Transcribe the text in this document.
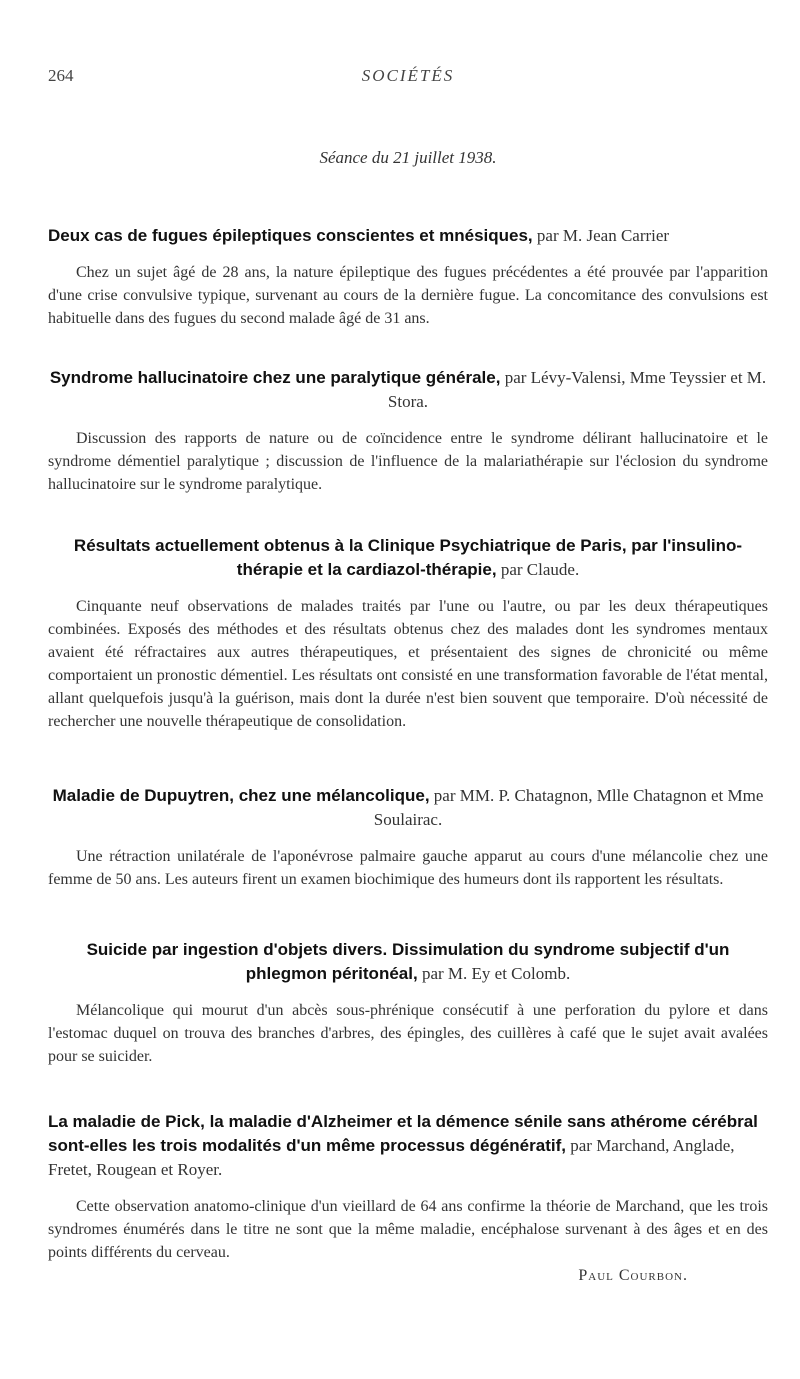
264	SOCIÉTÉS
Séance du 21 juillet 1938.
Deux cas de fugues épileptiques conscientes et mnésiques, par M. Jean Carrier

Chez un sujet âgé de 28 ans, la nature épileptique des fugues précédentes a été prouvée par l'apparition d'une crise convulsive typique, survenant au cours de la dernière fugue. La concomitance des convulsions est habituelle dans des fugues du second malade âgé de 31 ans.

Syndrome hallucinatoire chez une paralytique générale, par Lévy-Valensi, Mme Teyssier et M. Stora.

Discussion des rapports de nature ou de coïncidence entre le syndrome délirant hallucinatoire et le syndrome démentiel paralytique ; discussion de l'influence de la malariathérapie sur l'éclosion du syndrome hallucinatoire sur le syndrome paralytique.

Résultats actuellement obtenus à la Clinique Psychiatrique de Paris, par l'insulino-thérapie et la cardiazol-thérapie, par Claude.

Cinquante neuf observations de malades traités par l'une ou l'autre, ou par les deux thérapeutiques combinées. Exposés des méthodes et des résultats obtenus chez des malades dont les syndromes mentaux avaient été réfractaires aux autres thérapeutiques, et présentaient des signes de chronicité ou même comportaient un pronostic démentiel. Les résultats ont consisté en une transformation favorable de l'état mental, allant quelquefois jusqu'à la guérison, mais dont la durée n'est bien souvent que temporaire. D'où nécessité de rechercher une nouvelle thérapeutique de consolidation.

Maladie de Dupuytren, chez une mélancolique, par MM. P. Chatagnon, Mlle Chatagnon et Mme Soulairac.

Une rétraction unilatérale de l'aponévrose palmaire gauche apparut au cours d'une mélancolie chez une femme de 50 ans. Les auteurs firent un examen biochimique des humeurs dont ils rapportent les résultats.

Suicide par ingestion d'objets divers. Dissimulation du syndrome subjectif d'un phlegmon péritonéal, par M. Ey et Colomb.

Mélancolique qui mourut d'un abcès sous-phrénique consécutif à une perforation du pylore et dans l'estomac duquel on trouva des branches d'arbres, des épingles, des cuillères à café que le sujet avait avalées pour se suicider.

La maladie de Pick, la maladie d'Alzheimer et la démence sénile sans athérome cérébral sont-elles les trois modalités d'un même processus dégénératif, par Marchand, Anglade, Fretet, Rougean et Royer.

Cette observation anatomo-clinique d'un vieillard de 64 ans confirme la théorie de Marchand, que les trois syndromes énumérés dans le titre ne sont que la même maladie, encéphalose survenant à des âges et en des points différents du cerveau.

Paul Courbon.
